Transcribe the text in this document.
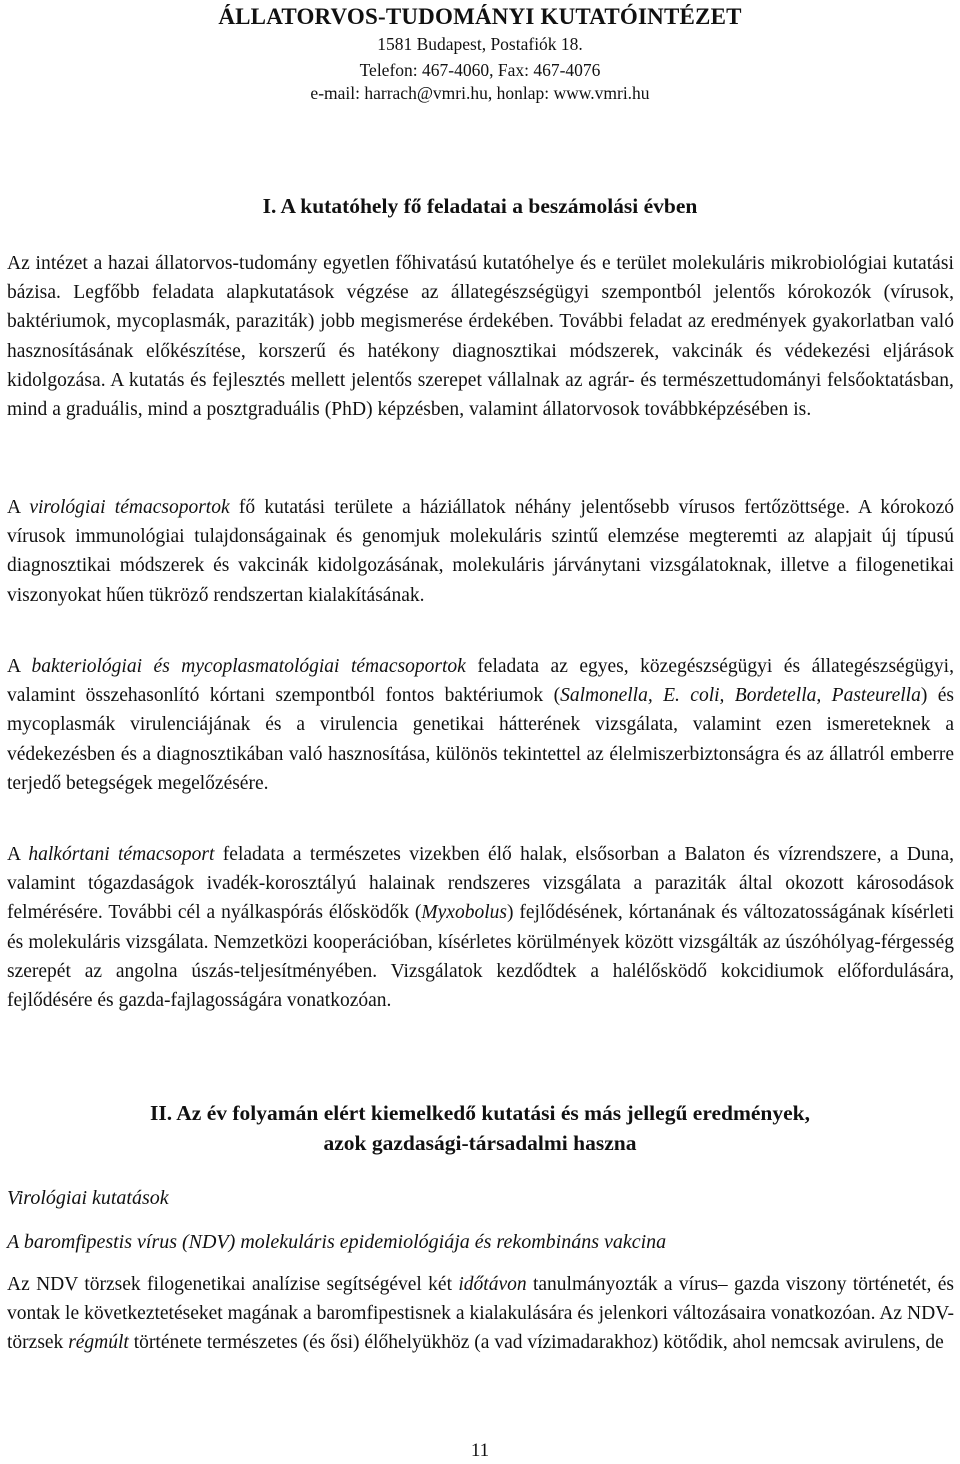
ÁLLATORVOS-TUDOMÁNYI KUTATÓINTÉZET
1581 Budapest, Postafiók 18.
Telefon: 467-4060, Fax: 467-4076
e-mail: harrach@vmri.hu, honlap: www.vmri.hu
I. A kutatóhely fő feladatai a beszámolási évben

Az intézet a hazai állatorvos-tudomány egyetlen főhivatású kutatóhelye és e terület molekuláris mikrobiológiai kutatási bázisa. Legfőbb feladata alapkutatások végzése az állategészségügyi szempontból jelentős kórokozók (vírusok, baktériumok, mycoplasmák, paraziták) jobb megismerése érdekében. További feladat az eredmények gyakorlatban való hasznosításának előkészítése, korszerű és hatékony diagnosztikai módszerek, vakcinák és védekezési eljárások kidolgozása. A kutatás és fejlesztés mellett jelentős szerepet vállalnak az agrár- és természettudományi felsőoktatásban, mind a graduális, mind a posztgraduális (PhD) képzésben, valamint állatorvosok továbbképzésében is.

A virológiai témacsoportok fő kutatási területe a háziállatok néhány jelentősebb vírusos fertőzöttsége. A kórokozó vírusok immunológiai tulajdonságainak és genomjuk molekuláris szintű elemzése megteremti az alapjait új típusú diagnosztikai módszerek és vakcinák kidolgozásának, molekuláris járványtani vizsgálatoknak, illetve a filogenetikai viszonyokat hűen tükröző rendszertan kialakításának.

A bakteriológiai és mycoplasmatológiai témacsoportok feladata az egyes, közegészségügyi és állategészségügyi, valamint összehasonlító kórtani szempontból fontos baktériumok (Salmonella, E. coli, Bordetella, Pasteurella) és mycoplasmák virulenciájának és a virulencia genetikai hátterének vizsgálata, valamint ezen ismereteknek a védekezésben és a diagnosztikában való hasznosítása, különös tekintettel az élelmiszerbiztonságra és az állatról emberre terjedő betegségek megelőzésére.

A halkórtani témacsoport feladata a természetes vizekben élő halak, elsősorban a Balaton és vízrendszere, a Duna, valamint tógazdaságok ivadék-korosztályú halainak rendszeres vizsgálata a paraziták által okozott károsodások felmérésére. További cél a nyálkaspórás élősködők (Myxobolus) fejlődésének, kórtanának és változatosságának kísérleti és molekuláris vizsgálata. Nemzetközi kooperációban, kísérletes körülmények között vizsgálták az úszóhólyag-férgesség szerepét az angolna úszás-teljesítményében. Vizsgálatok kezdődtek a halélősködő kokcidiumok előfordulására, fejlődésére és gazda-fajlagosságára vonatkozóan.

II. Az év folyamán elért kiemelkedő kutatási és más jellegű eredmények,
azok gazdasági-társadalmi haszna
Virológiai kutatások
A baromfipestis vírus (NDV) molekuláris epidemiológiája és rekombináns vakcina

Az NDV törzsek filogenetikai analízise segítségével két időtávon tanulmányozták a vírus– gazda viszony történetét, és vontak le következtetéseket magának a baromfipestisnek a kialakulására és jelenkori változásaira vonatkozóan. Az NDV-törzsek régmúlt története természetes (és ősi) élőhelyükhöz (a vad vízimadarakhoz) kötődik, ahol nemcsak avirulens, de

11
